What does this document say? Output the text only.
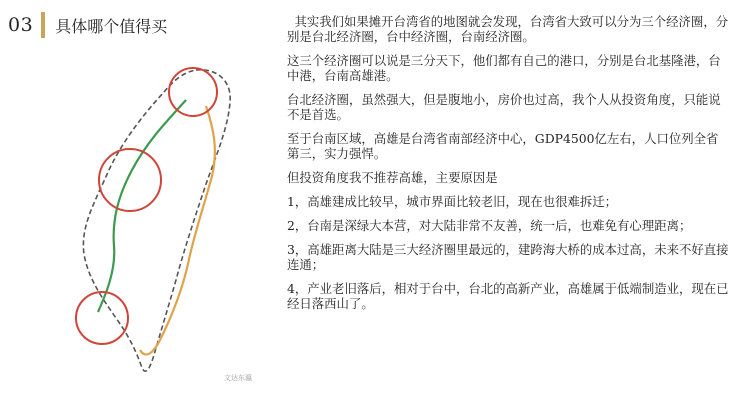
03 具体哪个值得买
文达东瀛

其实我们如果摊开台湾省的地图就会发现，台湾省大致可以分为三个经济圈，分别是台北经济圈，台中经济圈，台南经济圈。

这三个经济圈可以说是三分天下，他们都有自己的港口，分别是台北基隆港，台中港，台南高雄港。

台北经济圈，虽然强大，但是腹地小，房价也过高，我个人从投资角度，只能说不是首选。

至于台南区域，高雄是台湾省南部经济中心，GDP4500亿左右，人口位列全省第三，实力强悍。

但投资角度我不推荐高雄，主要原因是

1，高雄建成比较早，城市界面比较老旧，现在也很难拆迁；

2，台南是深绿大本营，对大陆非常不友善，统一后，也难免有心理距离；

3，高雄距离大陆是三大经济圈里最远的，建跨海大桥的成本过高，未来不好直接连通；

4，产业老旧落后，相对于台中，台北的高新产业，高雄属于低端制造业，现在已经日落西山了。
